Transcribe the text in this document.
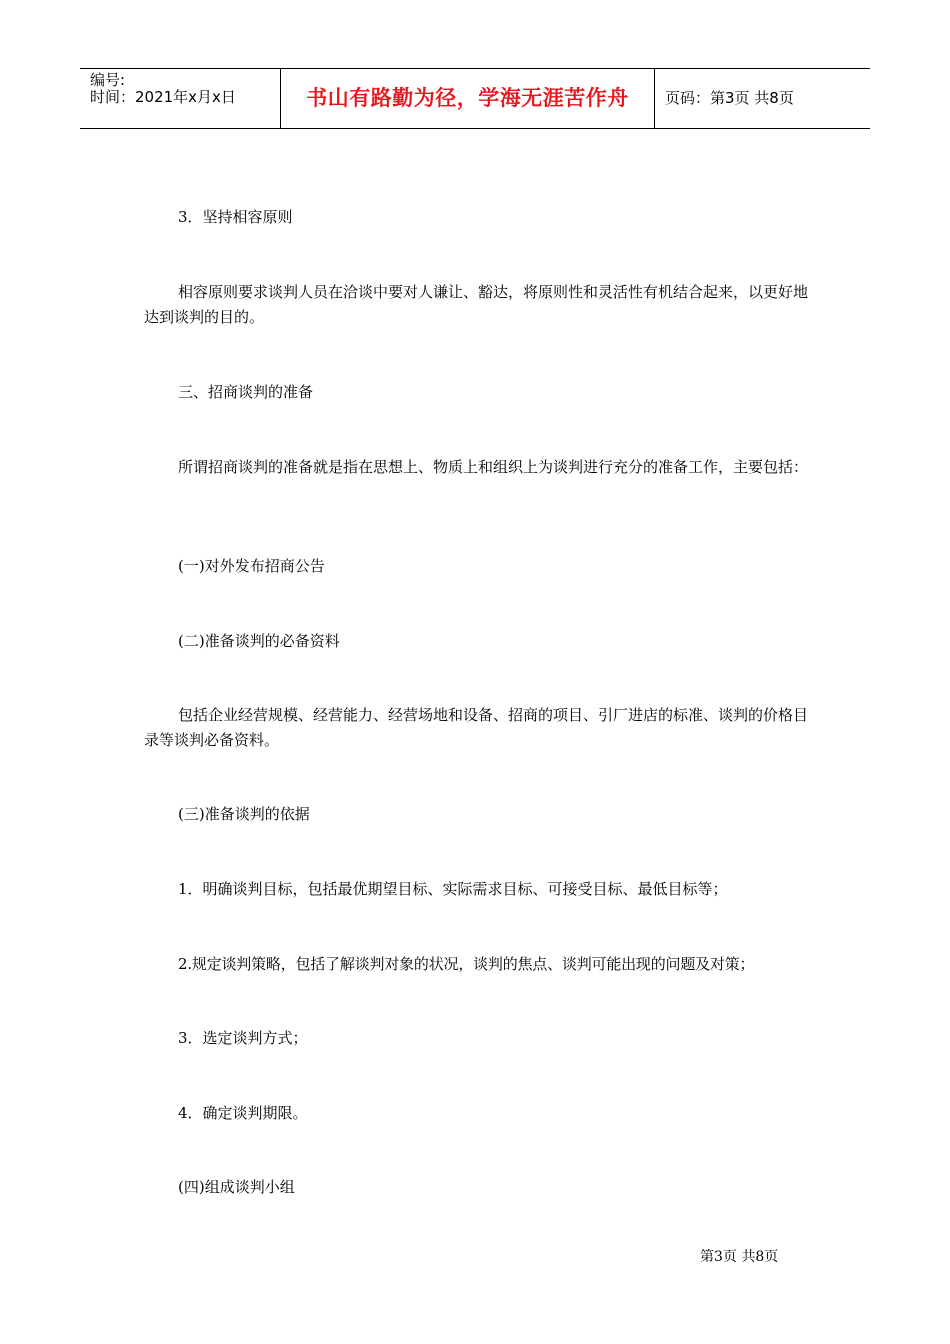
编号:
时间：2021年x月x日	书山有路勤为径，学海无涯苦作舟	页码：第3页 共8页
3．坚持相容原则
相容原则要求谈判人员在洽谈中要对人谦让、豁达，将原则性和灵活性有机结合起来，以更好地达到谈判的目的。
三、招商谈判的准备
所谓招商谈判的准备就是指在思想上、物质上和组织上为谈判进行充分的准备工作，主要包括：
(一)对外发布招商公告
(二)准备谈判的必备资料
包括企业经营规模、经营能力、经营场地和设备、招商的项目、引厂进店的标准、谈判的价格目录等谈判必备资料。
(三)准备谈判的依据
1．明确谈判目标，包括最优期望目标、实际需求目标、可接受目标、最低目标等；
2.规定谈判策略，包括了解谈判对象的状况，谈判的焦点、谈判可能出现的问题及对策；
3．选定谈判方式；
4．确定谈判期限。
(四)组成谈判小组
第3页 共8页
